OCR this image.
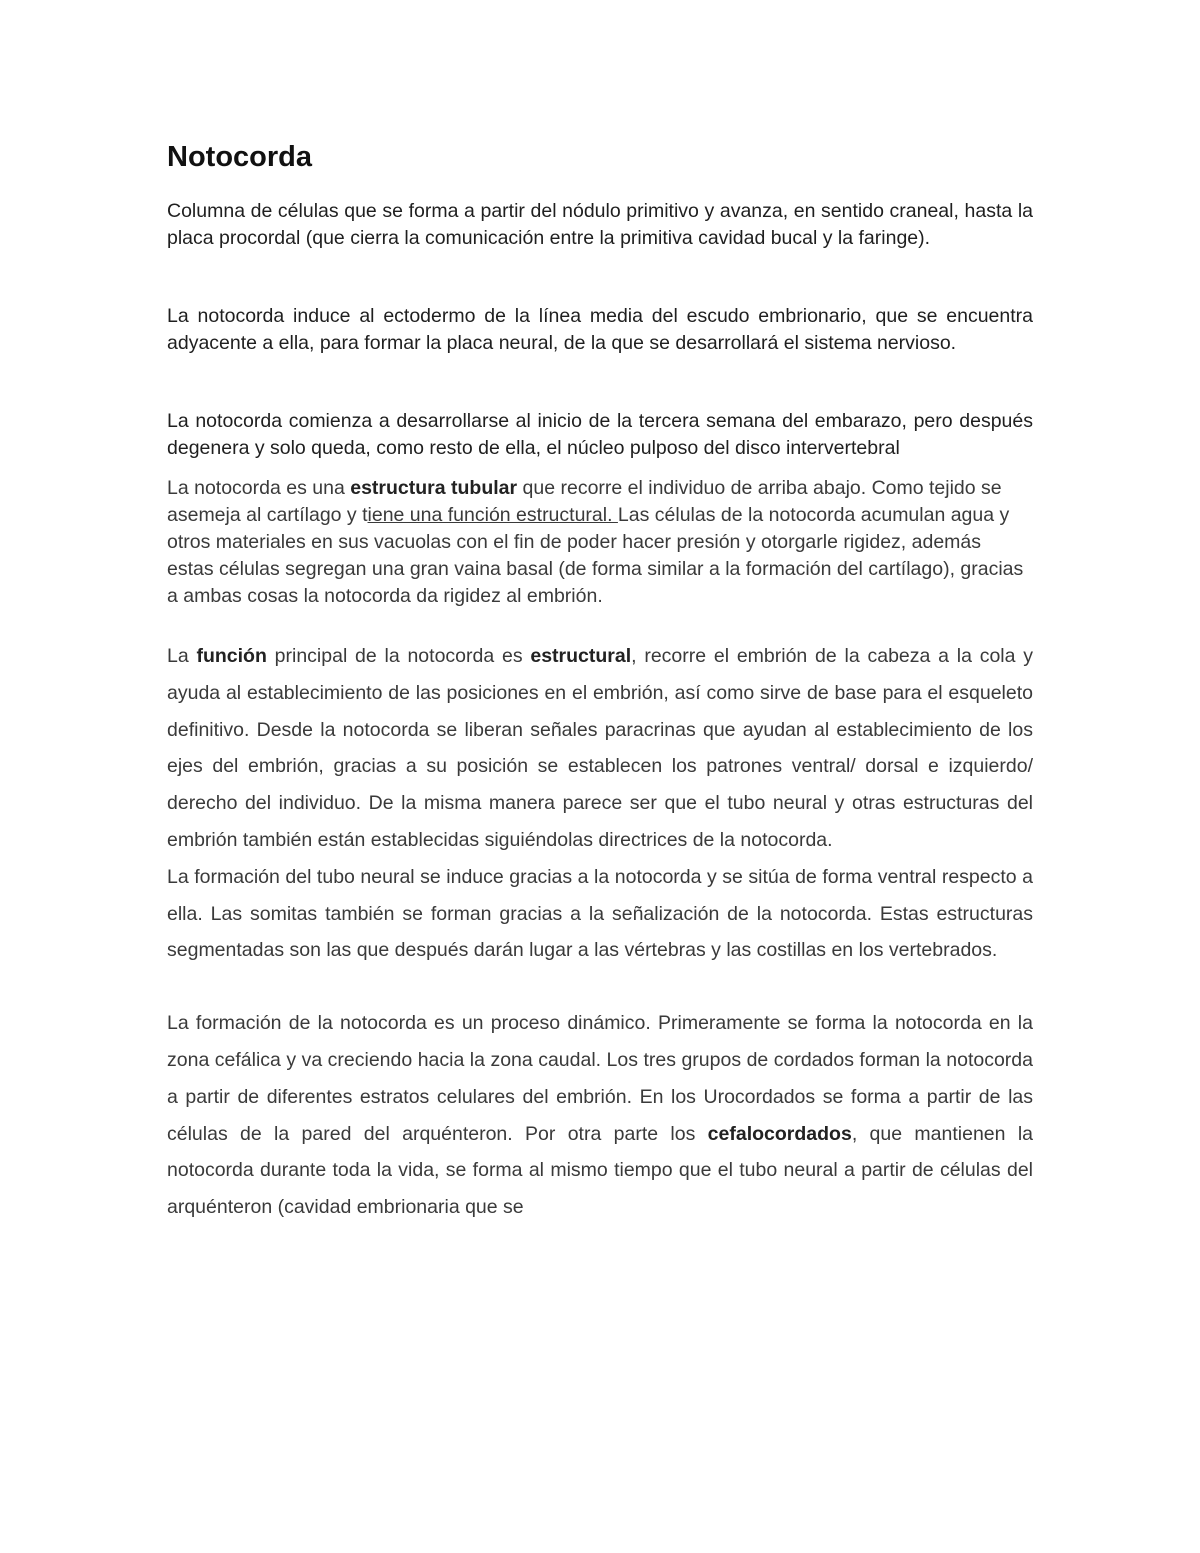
Notocorda

Columna de células que se forma a partir del nódulo primitivo y avanza, en sentido craneal, hasta la placa procordal (que cierra la comunicación entre la primitiva cavidad bucal y la faringe).

La notocorda induce al ectodermo de la línea media del escudo embrionario, que se encuentra adyacente a ella, para formar la placa neural, de la que se desarrollará el sistema nervioso.

La notocorda comienza a desarrollarse al inicio de la tercera semana del embarazo, pero después degenera y solo queda, como resto de ella, el núcleo pulposo del disco intervertebral

La notocorda es una estructura tubular que recorre el individuo de arriba abajo. Como tejido se asemeja al cartílago y tiene una función estructural. Las células de la notocorda acumulan agua y otros materiales en sus vacuolas con el fin de poder hacer presión y otorgarle rigidez, además estas células segregan una gran vaina basal (de forma similar a la formación del cartílago), gracias a ambas cosas la notocorda da rigidez al embrión.

La función principal de la notocorda es estructural, recorre el embrión de la cabeza a la cola y ayuda al establecimiento de las posiciones en el embrión, así como sirve de base para el esqueleto definitivo. Desde la notocorda se liberan señales paracrinas que ayudan al establecimiento de los ejes del embrión, gracias a su posición se establecen los patrones ventral/ dorsal e izquierdo/ derecho del individuo. De la misma manera parece ser que el tubo neural y otras estructuras del embrión también están establecidas siguiéndolas directrices de la notocorda.

La formación del tubo neural se induce gracias a la notocorda y se sitúa de forma ventral respecto a ella. Las somitas también se forman gracias a la señalización de la notocorda. Estas estructuras segmentadas son las que después darán lugar a las vértebras y las costillas en los vertebrados.

La formación de la notocorda es un proceso dinámico. Primeramente se forma la notocorda en la zona cefálica y va creciendo hacia la zona caudal. Los tres grupos de cordados forman la notocorda a partir de diferentes estratos celulares del embrión. En los Urocordados se forma a partir de las células de la pared del arquénteron. Por otra parte los cefalocordados, que mantienen la notocorda durante toda la vida, se forma al mismo tiempo que el tubo neural a partir de células del arquénteron (cavidad embrionaria que se
